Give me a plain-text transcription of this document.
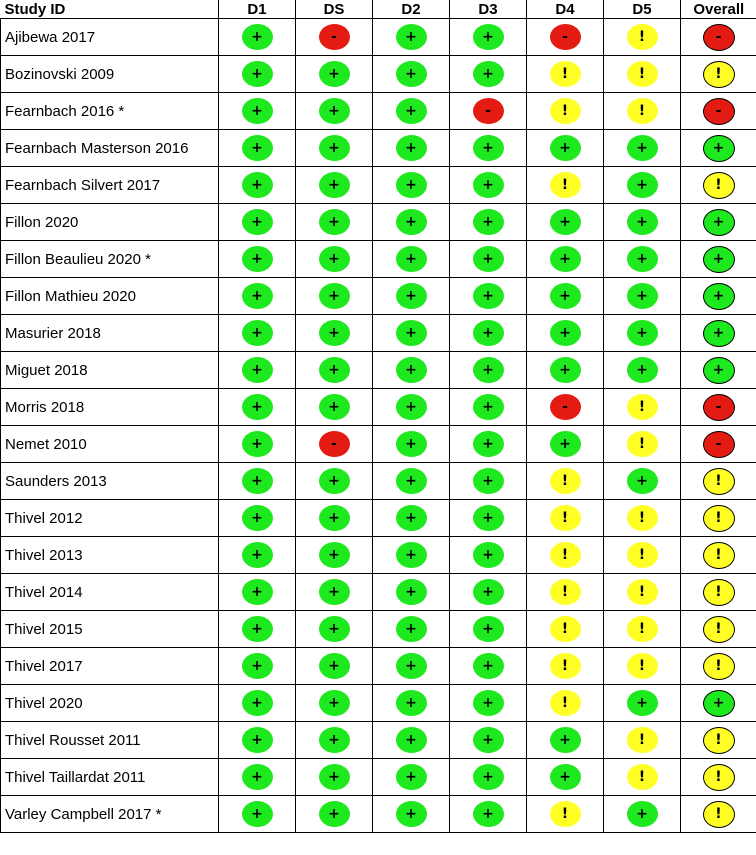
Study ID	D1	DS	D2	D3	D4	D5	Overall
Ajibewa 2017	+	-	+	+	-	!	-
Bozinovski 2009	+	+	+	+	!	!	!
Fearnbach 2016 *	+	+	+	-	!	!	-
Fearnbach Masterson 2016	+	+	+	+	+	+	+
Fearnbach Silvert 2017	+	+	+	+	!	+	!
Fillon 2020	+	+	+	+	+	+	+
Fillon Beaulieu 2020 *	+	+	+	+	+	+	+
Fillon Mathieu 2020	+	+	+	+	+	+	+
Masurier 2018	+	+	+	+	+	+	+
Miguet 2018	+	+	+	+	+	+	+
Morris 2018	+	+	+	+	-	!	-
Nemet 2010	+	-	+	+	+	!	-
Saunders 2013	+	+	+	+	!	+	!
Thivel 2012	+	+	+	+	!	!	!
Thivel 2013	+	+	+	+	!	!	!
Thivel 2014	+	+	+	+	!	!	!
Thivel 2015	+	+	+	+	!	!	!
Thivel 2017	+	+	+	+	!	!	!
Thivel 2020	+	+	+	+	!	+	+
Thivel Rousset 2011	+	+	+	+	+	!	!
Thivel Taillardat 2011	+	+	+	+	+	!	!
Varley Campbell 2017 *	+	+	+	+	!	+	!
